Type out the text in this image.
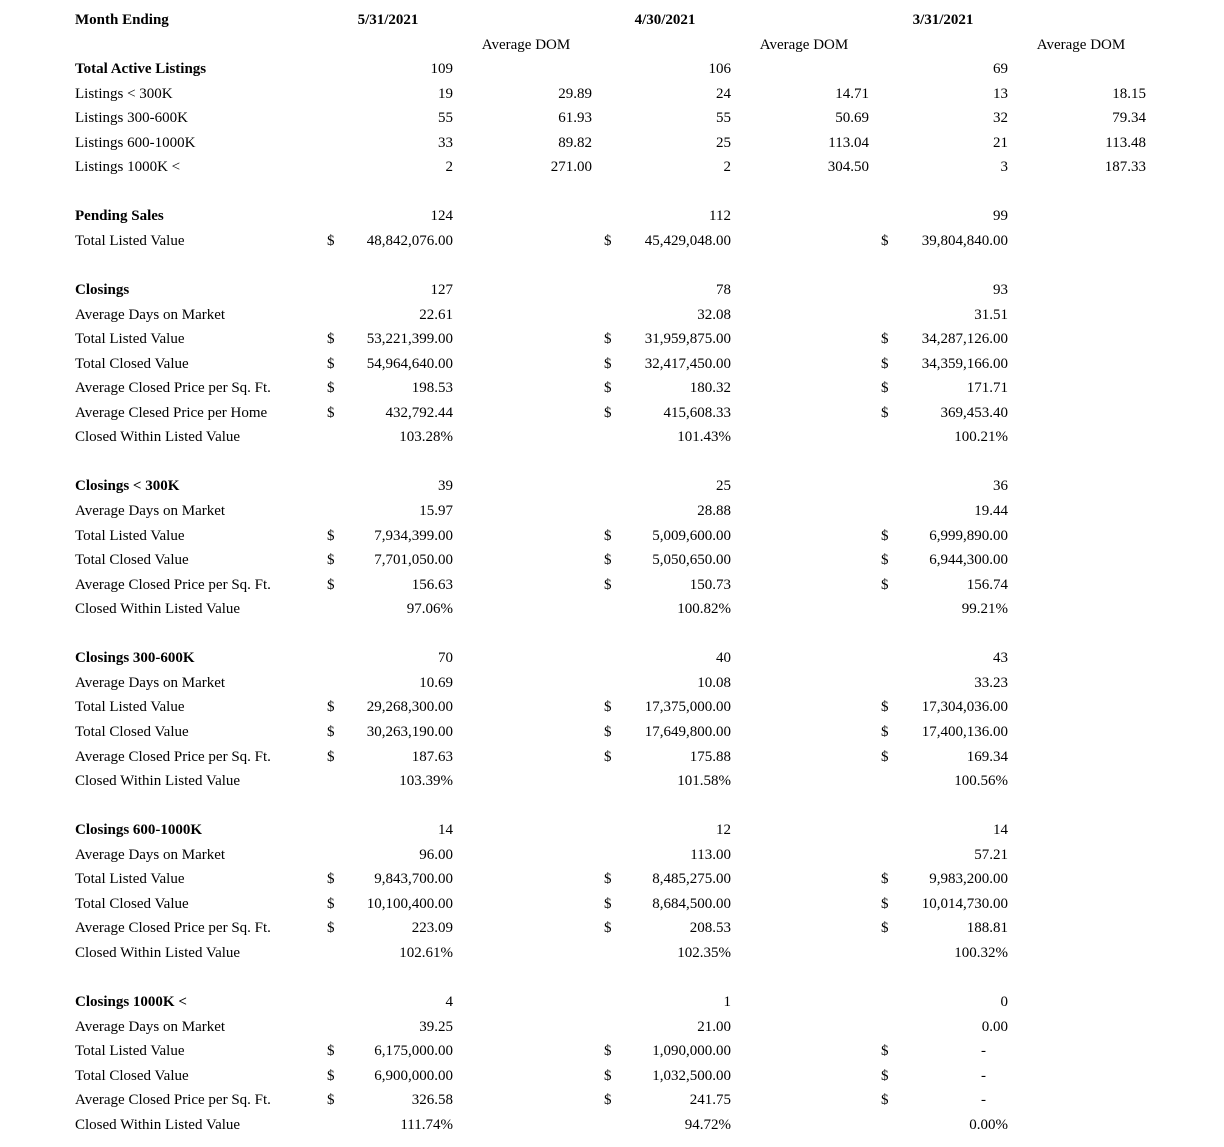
Month Ending	5/31/2021	4/30/2021	3/31/2021
Average DOM	Average DOM	Average DOM
Total Active Listings	109	106	69
Listings < 300K	19	29.89	24	14.71	13	18.15
Listings 300-600K	55	61.93	55	50.69	32	79.34
Listings 600-1000K	33	89.82	25	113.04	21	113.48
Listings 1000K <	2	271.00	2	304.50	3	187.33
Pending Sales	124	112	99
Total Listed Value	$ 48,842,076.00	$ 45,429,048.00	$ 39,804,840.00
Closings	127	78	93
Average Days on Market	22.61	32.08	31.51
Total Listed Value	$ 53,221,399.00	$ 31,959,875.00	$ 34,287,126.00
Total Closed Value	$ 54,964,640.00	$ 32,417,450.00	$ 34,359,166.00
Average Closed Price per Sq. Ft.	$	198.53	$	180.32	$	171.71
Average Clesed Price per Home	$	432,792.44	$	415,608.33	$	369,453.40
Closed Within Listed Value	103.28%	101.43%	100.21%
Closings < 300K	39	25	36
Average Days on Market	15.97	28.88	19.44
Total Listed Value	$	7,934,399.00	$	5,009,600.00	$	6,999,890.00
Total Closed Value	$	7,701,050.00	$	5,050,650.00	$	6,944,300.00
Average Closed Price per Sq. Ft.	$	156.63	$	150.73	$	156.74
Closed Within Listed Value	97.06%	100.82%	99.21%
Closings 300-600K	70	40	43
Average Days on Market	10.69	10.08	33.23
Total Listed Value	$ 29,268,300.00	$ 17,375,000.00	$ 17,304,036.00
Total Closed Value	$ 30,263,190.00	$ 17,649,800.00	$ 17,400,136.00
Average Closed Price per Sq. Ft.	$	187.63	$	175.88	$	169.34
Closed Within Listed Value	103.39%	101.58%	100.56%
Closings 600-1000K	14	12	14
Average Days on Market	96.00	113.00	57.21
Total Listed Value	$	9,843,700.00	$	8,485,275.00	$	9,983,200.00
Total Closed Value	$ 10,100,400.00	$	8,684,500.00	$ 10,014,730.00
Average Closed Price per Sq. Ft.	$	223.09	$	208.53	$	188.81
Closed Within Listed Value	102.61%	102.35%	100.32%
Closings 1000K <	4	1	0
Average Days on Market	39.25	21.00	0.00
Total Listed Value	$	6,175,000.00	$	1,090,000.00	$	-
Total Closed Value	$	6,900,000.00	$	1,032,500.00	$	-
Average Closed Price per Sq. Ft.	$	326.58	$	241.75	$	-
Closed Within Listed Value	111.74%	94.72%	0.00%
